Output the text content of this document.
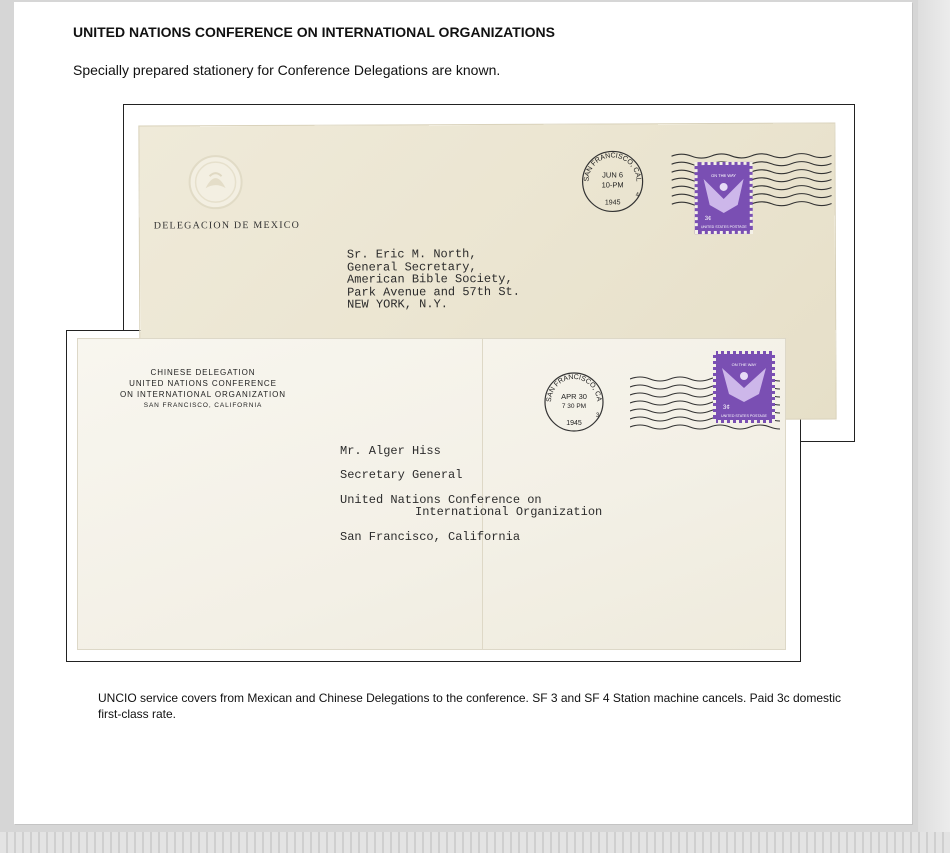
UNITED NATIONS CONFERENCE ON INTERNATIONAL ORGANIZATIONS
Specially prepared stationery for Conference Delegations are known.
DELEGACION DE MEXICO
JUN 6
10-PM
1945
4
SAN FRANCISCO, CALIF.
ON THE WAY
3¢
UNITED STATES POSTAGE
Sr. Eric M. North,
General Secretary,
American Bible Society,
Park Avenue and 57th St.
NEW YORK, N.Y.
CHINESE DELEGATION
UNITED NATIONS CONFERENCE
ON INTERNATIONAL ORGANIZATION
SAN FRANCISCO, CALIFORNIA
APR 30
7 30 PM
1945
3
SAN FRANCISCO, CA
ON THE WAY
3¢
UNITED STATES POSTAGE
Mr. Alger Hiss
Secretary General
United Nations Conference on
International Organization
San Francisco, California
UNCIO service covers from Mexican and Chinese Delegations to the conference. SF 3 and SF 4 Station machine cancels. Paid 3c domestic first-class rate.
